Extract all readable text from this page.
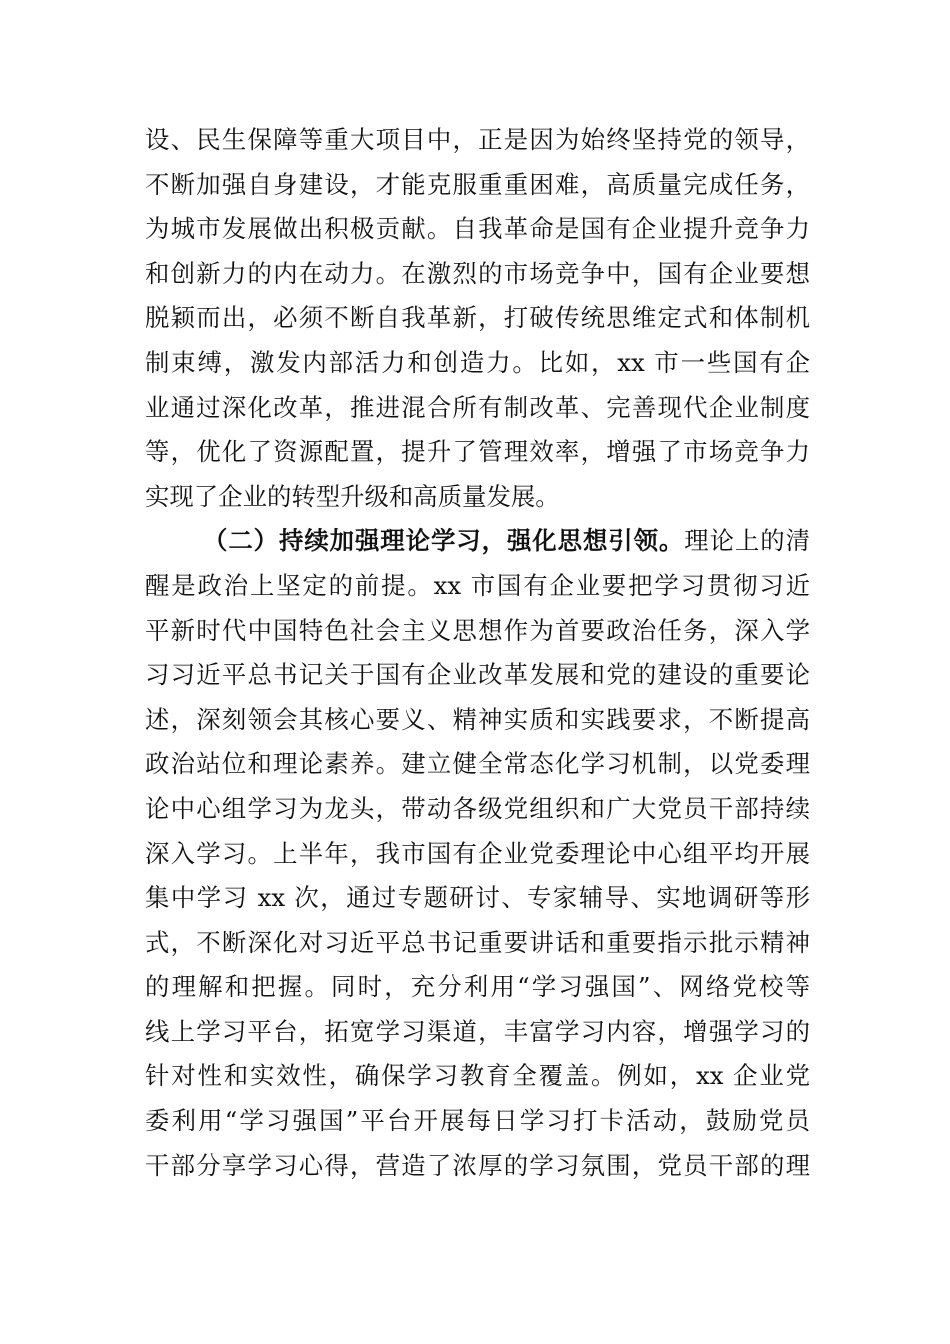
设、民生保障等重大项目中，正是因为始终坚持党的领导，
不断加强自身建设，才能克服重重困难，高质量完成任务，
为城市发展做出积极贡献。自我革命是国有企业提升竞争力
和创新力的内在动力。在激烈的市场竞争中，国有企业要想
脱颖而出，必须不断自我革新，打破传统思维定式和体制机
制束缚，激发内部活力和创造力。比如，xx 市一些国有企
业通过深化改革，推进混合所有制改革、完善现代企业制度
等，优化了资源配置，提升了管理效率，增强了市场竞争力
实现了企业的转型升级和高质量发展。
（二）持续加强理论学习，强化思想引领。理论上的清
醒是政治上坚定的前提。xx 市国有企业要把学习贯彻习近
平新时代中国特色社会主义思想作为首要政治任务，深入学
习习近平总书记关于国有企业改革发展和党的建设的重要论
述，深刻领会其核心要义、精神实质和实践要求，不断提高
政治站位和理论素养。建立健全常态化学习机制，以党委理
论中心组学习为龙头，带动各级党组织和广大党员干部持续
深入学习。上半年，我市国有企业党委理论中心组平均开展
集中学习 xx 次，通过专题研讨、专家辅导、实地调研等形
式，不断深化对习近平总书记重要讲话和重要指示批示精神
的理解和把握。同时，充分利用“学习强国”、网络党校等
线上学习平台，拓宽学习渠道，丰富学习内容，增强学习的
针对性和实效性，确保学习教育全覆盖。例如，xx 企业党
委利用“学习强国”平台开展每日学习打卡活动，鼓励党员
干部分享学习心得，营造了浓厚的学习氛围，党员干部的理
